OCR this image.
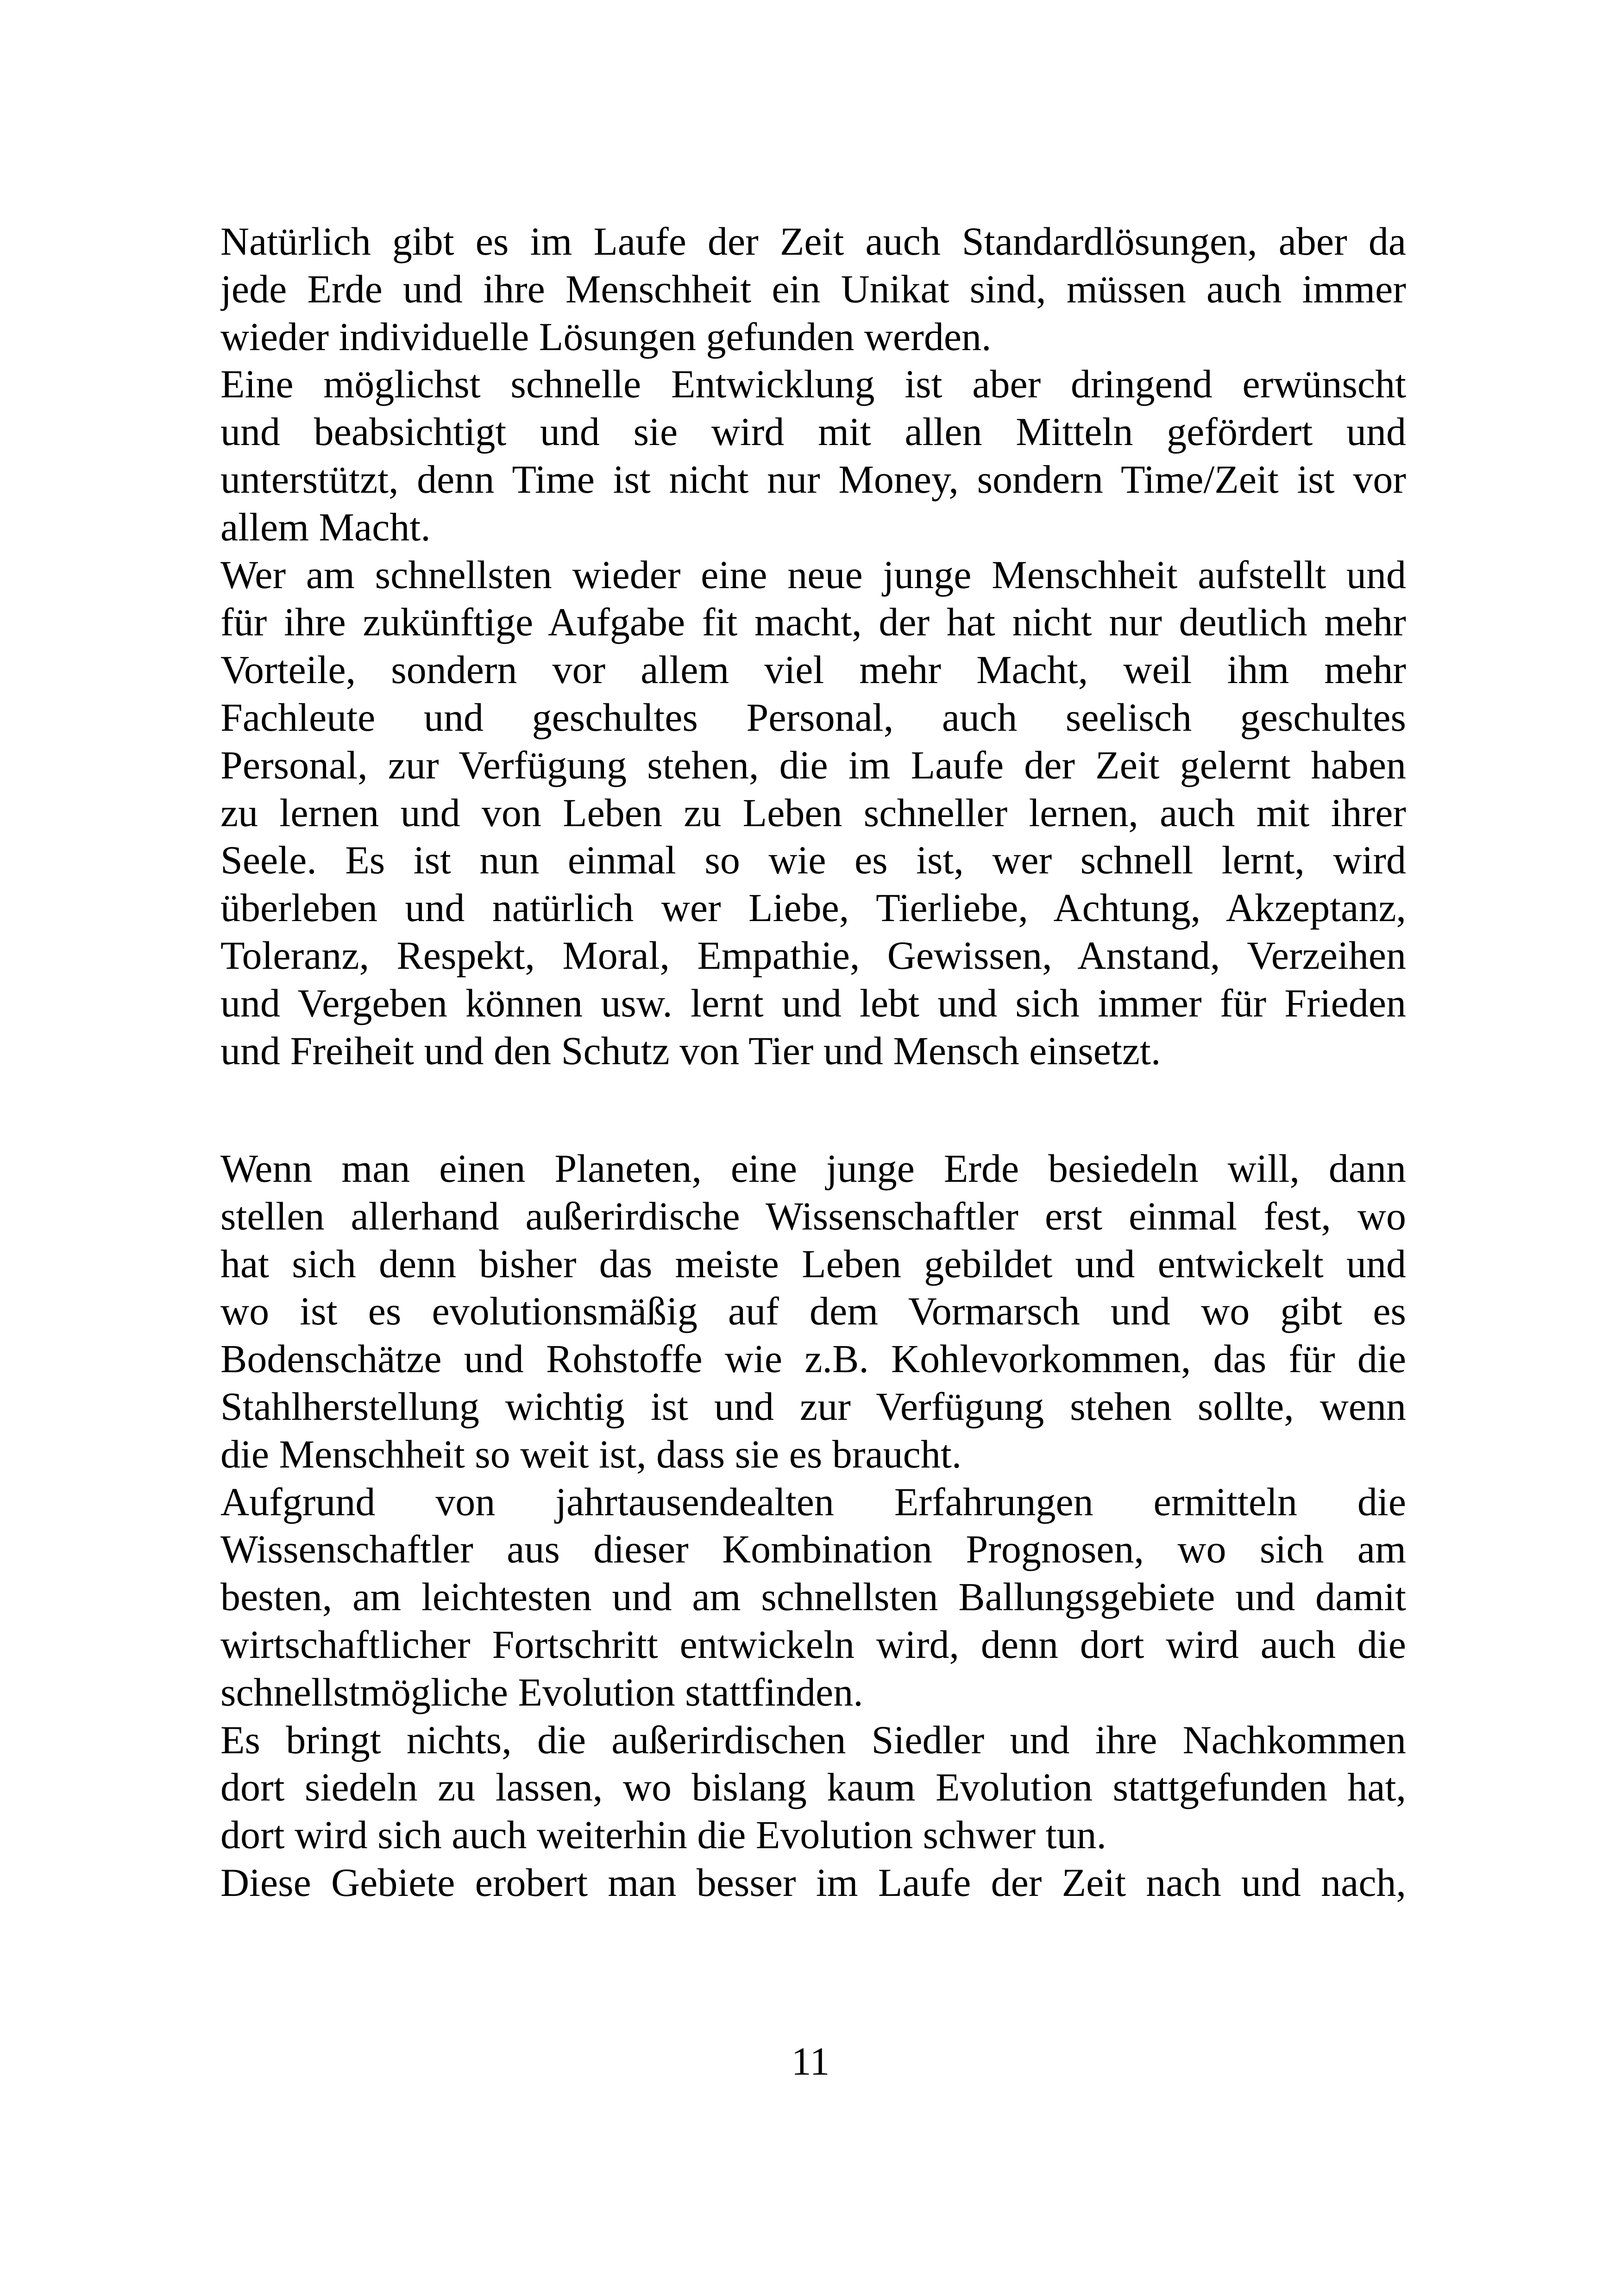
Natürlich gibt es im Laufe der Zeit auch Standardlösungen, aber da
jede Erde und ihre Menschheit ein Unikat sind, müssen auch immer
wieder individuelle Lösungen gefunden werden.
Eine möglichst schnelle Entwicklung ist aber dringend erwünscht
und beabsichtigt und sie wird mit allen Mitteln gefördert und
unterstützt, denn Time ist nicht nur Money, sondern Time/Zeit ist vor
allem Macht.
Wer am schnellsten wieder eine neue junge Menschheit aufstellt und
für ihre zukünftige Aufgabe fit macht, der hat nicht nur deutlich mehr
Vorteile, sondern vor allem viel mehr Macht, weil ihm mehr
Fachleute und geschultes Personal, auch seelisch geschultes
Personal, zur Verfügung stehen, die im Laufe der Zeit gelernt haben
zu lernen und von Leben zu Leben schneller lernen, auch mit ihrer
Seele. Es ist nun einmal so wie es ist, wer schnell lernt, wird
überleben und natürlich wer Liebe, Tierliebe, Achtung, Akzeptanz,
Toleranz, Respekt, Moral, Empathie, Gewissen, Anstand, Verzeihen
und Vergeben können usw. lernt und lebt und sich immer für Frieden
und Freiheit und den Schutz von Tier und Mensch einsetzt.
Wenn man einen Planeten, eine junge Erde besiedeln will, dann
stellen allerhand außerirdische Wissenschaftler erst einmal fest, wo
hat sich denn bisher das meiste Leben gebildet und entwickelt und
wo ist es evolutionsmäßig auf dem Vormarsch und wo gibt es
Bodenschätze und Rohstoffe wie z.B. Kohlevorkommen, das für die
Stahlherstellung wichtig ist und zur Verfügung stehen sollte, wenn
die Menschheit so weit ist, dass sie es braucht.
Aufgrund von jahrtausendealten Erfahrungen ermitteln die
Wissenschaftler aus dieser Kombination Prognosen, wo sich am
besten, am leichtesten und am schnellsten Ballungsgebiete und damit
wirtschaftlicher Fortschritt entwickeln wird, denn dort wird auch die
schnellstmögliche Evolution stattfinden.
Es bringt nichts, die außerirdischen Siedler und ihre Nachkommen
dort siedeln zu lassen, wo bislang kaum Evolution stattgefunden hat,
dort wird sich auch weiterhin die Evolution schwer tun.
Diese Gebiete erobert man besser im Laufe der Zeit nach und nach,
11
